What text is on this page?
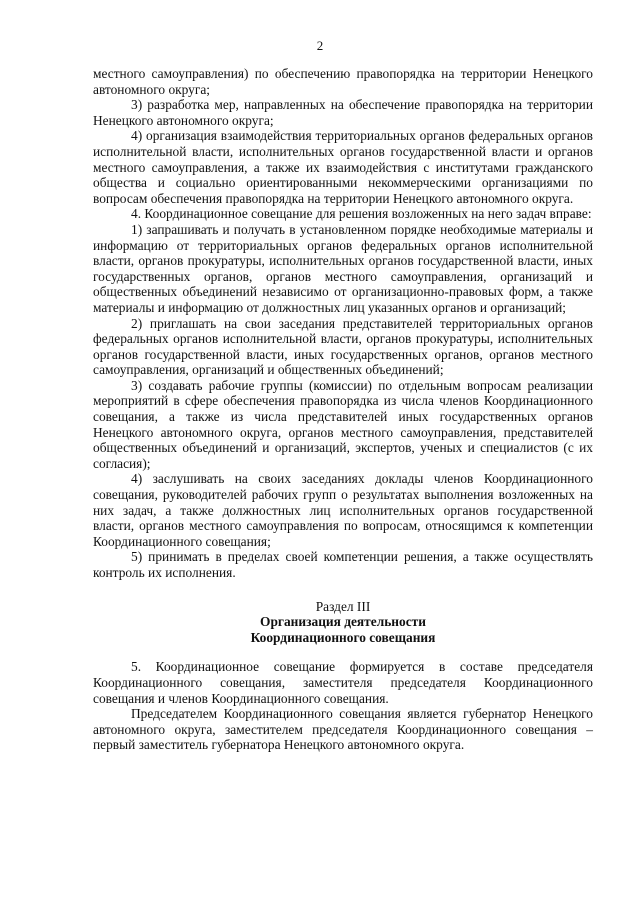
2

местного самоуправления) по обеспечению правопорядка на территории Ненецкого автономного округа;

3) разработка мер, направленных на обеспечение правопорядка на территории Ненецкого автономного округа;

4) организация взаимодействия территориальных органов федеральных органов исполнительной власти, исполнительных органов государственной власти и органов местного самоуправления, а также их взаимодействия с институтами гражданского общества и социально ориентированными некоммерческими организациями по вопросам обеспечения правопорядка на территории Ненецкого автономного округа.

4. Координационное совещание для решения возложенных на него задач вправе:

1) запрашивать и получать в установленном порядке необходимые материалы и информацию от территориальных органов федеральных органов исполнительной власти, органов прокуратуры, исполнительных органов государственной власти, иных государственных органов, органов местного самоуправления, организаций и общественных объединений независимо от организационно-правовых форм, а также материалы и информацию от должностных лиц указанных органов и организаций;

2) приглашать на свои заседания представителей территориальных органов федеральных органов исполнительной власти, органов прокуратуры, исполнительных органов государственной власти, иных государственных органов, органов местного самоуправления, организаций и общественных объединений;

3) создавать рабочие группы (комиссии) по отдельным вопросам реализации мероприятий в сфере обеспечения правопорядка из числа членов Координационного совещания, а также из числа представителей иных государственных органов Ненецкого автономного округа, органов местного самоуправления, представителей общественных объединений и организаций, экспертов, ученых и специалистов (с их согласия);

4) заслушивать на своих заседаниях доклады членов Координационного совещания, руководителей рабочих групп о результатах выполнения возложенных на них задач, а также должностных лиц исполнительных органов государственной власти, органов местного самоуправления по вопросам, относящимся к компетенции Координационного совещания;

5) принимать в пределах своей компетенции решения, а также осуществлять контроль их исполнения.

Раздел III
Организация деятельности
Координационного совещания

5. Координационное совещание формируется в составе председателя Координационного совещания, заместителя председателя Координационного совещания и членов Координационного совещания.

Председателем Координационного совещания является губернатор Ненецкого автономного округа, заместителем председателя Координационного совещания – первый заместитель губернатора Ненецкого автономного округа.
